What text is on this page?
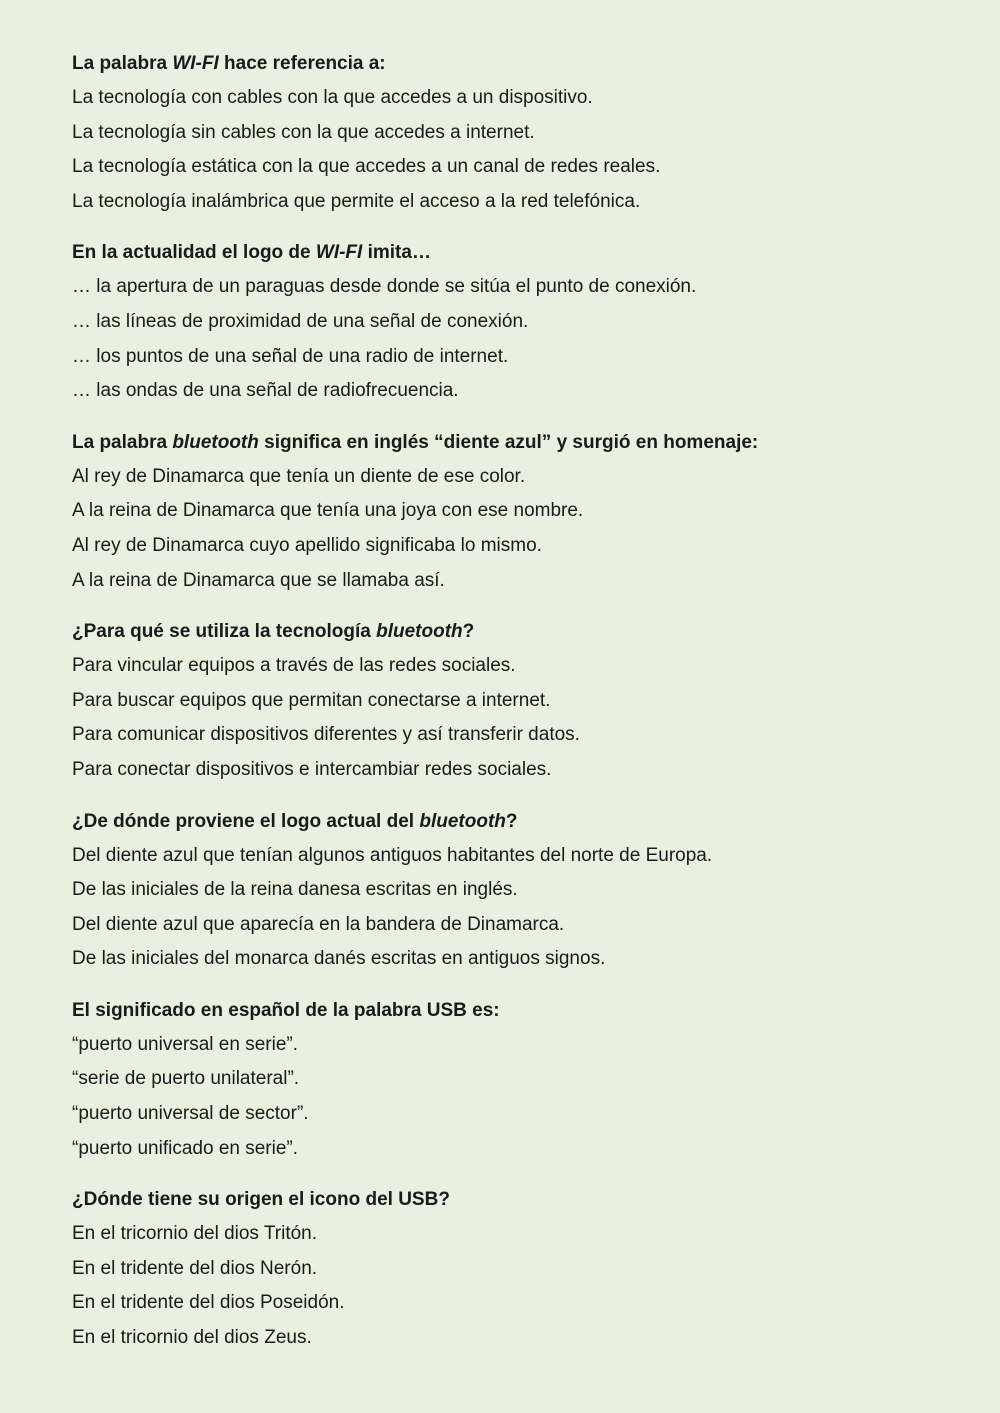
La palabra WI-FI hace referencia a:

La tecnología con cables con la que accedes a un dispositivo.

La tecnología sin cables con la que accedes a internet.

La tecnología estática con la que accedes a un canal de redes reales.

La tecnología inalámbrica que permite el acceso a la red telefónica.

En la actualidad el logo de WI-FI imita…

… la apertura de un paraguas desde donde se sitúa el punto de conexión.

… las líneas de proximidad de una señal de conexión.

… los puntos de una señal de una radio de internet.

… las ondas de una señal de radiofrecuencia.

La palabra bluetooth significa en inglés “diente azul” y surgió en homenaje:

Al rey de Dinamarca que tenía un diente de ese color.

A la reina de Dinamarca que tenía una joya con ese nombre.

Al rey de Dinamarca cuyo apellido significaba lo mismo.

A la reina de Dinamarca que se llamaba así.

¿Para qué se utiliza la tecnología bluetooth?

Para vincular equipos a través de las redes sociales.

Para buscar equipos que permitan conectarse a internet.

Para comunicar dispositivos diferentes y así transferir datos.

Para conectar dispositivos e intercambiar redes sociales.

¿De dónde proviene el logo actual del bluetooth?

Del diente azul que tenían algunos antiguos habitantes del norte de Europa.

De las iniciales de la reina danesa escritas en inglés.

Del diente azul que aparecía en la bandera de Dinamarca.

De las iniciales del monarca danés escritas en antiguos signos.

El significado en español de la palabra USB es:

“puerto universal en serie”.

“serie de puerto unilateral”.

“puerto universal de sector”.

“puerto unificado en serie”.

¿Dónde tiene su origen el icono del USB?

En el tricornio del dios Tritón.

En el tridente del dios Nerón.

En el tridente del dios Poseidón.

En el tricornio del dios Zeus.
